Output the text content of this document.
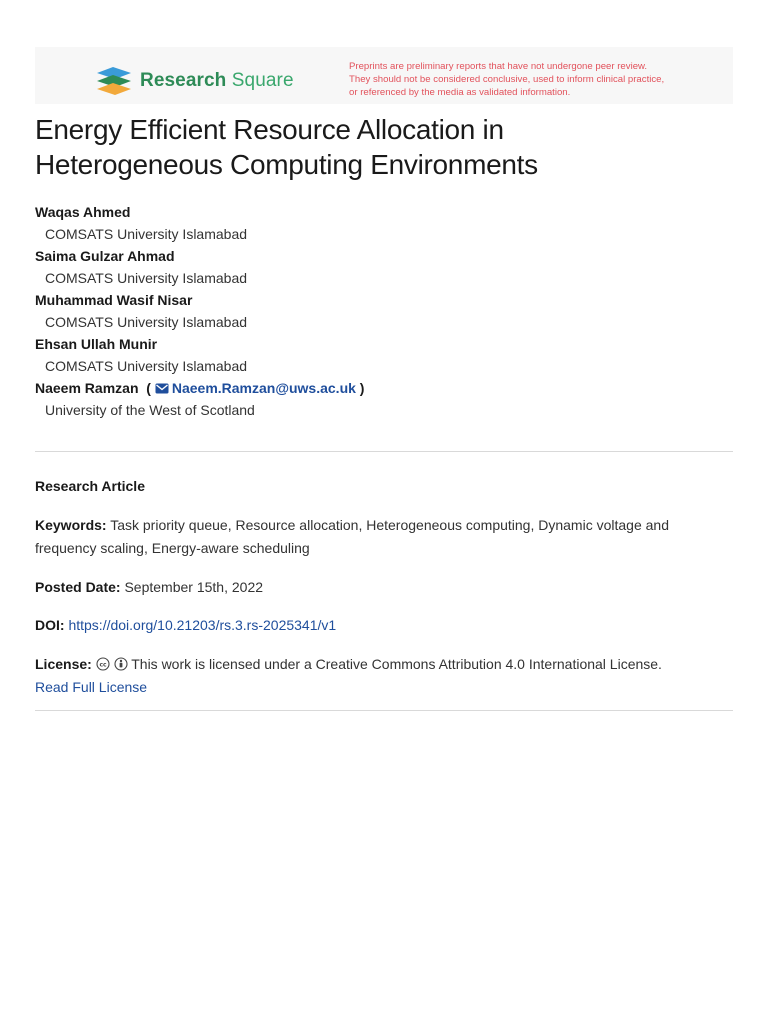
Research Square
Preprints are preliminary reports that have not undergone peer review.
They should not be considered conclusive, used to inform clinical practice,
or referenced by the media as validated information.
Energy Efficient Resource Allocation in
Heterogeneous Computing Environments
Waqas Ahmed
COMSATS University Islamabad
Saima Gulzar Ahmad
COMSATS University Islamabad
Muhammad Wasif Nisar
COMSATS University Islamabad
Ehsan Ullah Munir
COMSATS University Islamabad
Naeem Ramzan  ( Naeem.Ramzan@uws.ac.uk )
University of the West of Scotland
Research Article
Keywords: Task priority queue, Resource allocation, Heterogeneous computing, Dynamic voltage and frequency scaling, Energy-aware scheduling
Posted Date: September 15th, 2022
DOI: https://doi.org/10.21203/rs.3.rs-2025341/v1
License: cc This work is licensed under a Creative Commons Attribution 4.0 International License.
Read Full License
